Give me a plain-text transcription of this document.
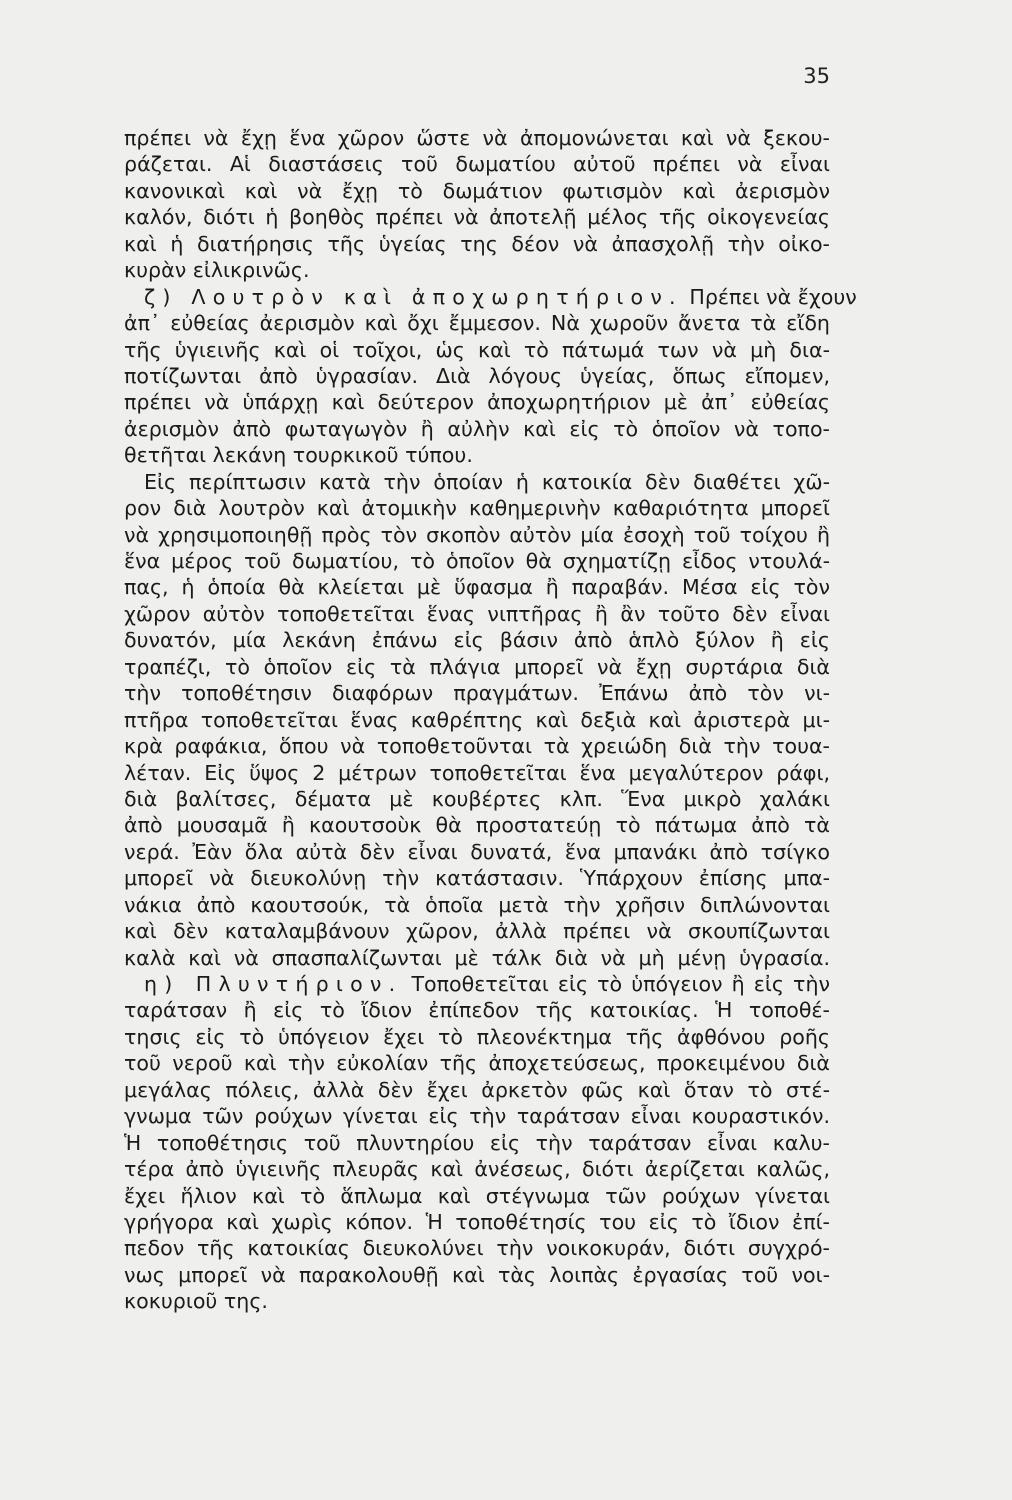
35
πρέπει νὰ ἔχῃ ἕνα χῶρον ὥστε νὰ ἀπομονώνεται καὶ νὰ ξεκου-
ράζεται. Αἱ διαστάσεις τοῦ δωματίου αὐτοῦ πρέπει νὰ εἶναι
κανονικαὶ καὶ νὰ ἔχῃ τὸ δωμάτιον φωτισμὸν καὶ ἀερισμὸν
καλόν, διότι ἡ βοηθὸς πρέπει νὰ ἀποτελῇ μέλος τῆς οἰκογενείας
καὶ ἡ διατήρησις τῆς ὑγείας της δέον νὰ ἀπασχολῇ τὴν οἰκο-
κυρὰν εἰλικρινῶς.
ζ) Λουτρὸν καὶ ἀποχωρητήριον. Πρέπει νὰ ἔχουν
ἀπ᾽ εὐθείας ἀερισμὸν καὶ ὄχι ἔμμεσον. Νὰ χωροῦν ἄνετα τὰ εἴδη
τῆς ὑγιεινῆς καὶ οἱ τοῖχοι, ὡς καὶ τὸ πάτωμά των νὰ μὴ δια-
ποτίζωνται ἀπὸ ὑγρασίαν. Διὰ λόγους ὑγείας, ὅπως εἴπομεν,
πρέπει νὰ ὑπάρχῃ καὶ δεύτερον ἀποχωρητήριον μὲ ἀπ᾽ εὐθείας
ἀερισμὸν ἀπὸ φωταγωγὸν ἢ αὐλὴν καὶ εἰς τὸ ὁποῖον νὰ τοπο-
θετῆται λεκάνη τουρκικοῦ τύπου.
Εἰς περίπτωσιν κατὰ τὴν ὁποίαν ἡ κατοικία δὲν διαθέτει χῶ-
ρον διὰ λουτρὸν καὶ ἀτομικὴν καθημερινὴν καθαριότητα μπορεῖ
νὰ χρησιμοποιηθῇ πρὸς τὸν σκοπὸν αὐτὸν μία ἐσοχὴ τοῦ τοίχου ἢ
ἕνα μέρος τοῦ δωματίου, τὸ ὁποῖον θὰ σχηματίζῃ εἶδος ντουλά-
πας, ἡ ὁποία θὰ κλείεται μὲ ὕφασμα ἢ παραβάν. Μέσα εἰς τὸν
χῶρον αὐτὸν τοποθετεῖται ἕνας νιπτῆρας ἢ ἂν τοῦτο δὲν εἶναι
δυνατόν, μία λεκάνη ἐπάνω εἰς βάσιν ἀπὸ ἁπλὸ ξύλον ἢ εἰς
τραπέζι, τὸ ὁποῖον εἰς τὰ πλάγια μπορεῖ νὰ ἔχῃ συρτάρια διὰ
τὴν τοποθέτησιν διαφόρων πραγμάτων. Ἐπάνω ἀπὸ τὸν νι-
πτῆρα τοποθετεῖται ἕνας καθρέπτης καὶ δεξιὰ καὶ ἀριστερὰ μι-
κρὰ ραφάκια, ὅπου νὰ τοποθετοῦνται τὰ χρειώδη διὰ τὴν τουα-
λέταν. Εἰς ὕψος 2 μέτρων τοποθετεῖται ἕνα μεγαλύτερον ράφι,
διὰ βαλίτσες, δέματα μὲ κουβέρτες κλπ. Ἕνα μικρὸ χαλάκι
ἀπὸ μουσαμᾶ ἢ καουτσοὺκ θὰ προστατεύῃ τὸ πάτωμα ἀπὸ τὰ
νερά. Ἐὰν ὅλα αὐτὰ δὲν εἶναι δυνατά, ἕνα μπανάκι ἀπὸ τσίγκο
μπορεῖ νὰ διευκολύνῃ τὴν κατάστασιν. Ὑπάρχουν ἐπίσης μπα-
νάκια ἀπὸ καουτσούκ, τὰ ὁποῖα μετὰ τὴν χρῆσιν διπλώνονται
καὶ δὲν καταλαμβάνουν χῶρον, ἀλλὰ πρέπει νὰ σκουπίζωνται
καλὰ καὶ νὰ σπασπαλίζωνται μὲ τάλκ διὰ νὰ μὴ μένῃ ὑγρασία.
η) Πλυντήριον. Τοποθετεῖται εἰς τὸ ὑπόγειον ἢ εἰς τὴν
ταράτσαν ἢ εἰς τὸ ἴδιον ἐπίπεδον τῆς κατοικίας. Ἡ τοποθέ-
τησις εἰς τὸ ὑπόγειον ἔχει τὸ πλεονέκτημα τῆς ἀφθόνου ροῆς
τοῦ νεροῦ καὶ τὴν εὐκολίαν τῆς ἀποχετεύσεως, προκειμένου διὰ
μεγάλας πόλεις, ἀλλὰ δὲν ἔχει ἀρκετὸν φῶς καὶ ὅταν τὸ στέ-
γνωμα τῶν ρούχων γίνεται εἰς τὴν ταράτσαν εἶναι κουραστικόν.
Ἡ τοποθέτησις τοῦ πλυντηρίου εἰς τὴν ταράτσαν εἶναι καλυ-
τέρα ἀπὸ ὑγιεινῆς πλευρᾶς καὶ ἀνέσεως, διότι ἀερίζεται καλῶς,
ἔχει ἥλιον καὶ τὸ ἅπλωμα καὶ στέγνωμα τῶν ρούχων γίνεται
γρήγορα καὶ χωρὶς κόπον. Ἡ τοποθέτησίς του εἰς τὸ ἴδιον ἐπί-
πεδον τῆς κατοικίας διευκολύνει τὴν νοικοκυράν, διότι συγχρό-
νως μπορεῖ νὰ παρακολουθῇ καὶ τὰς λοιπὰς ἐργασίας τοῦ νοι-
κοκυριοῦ της.
